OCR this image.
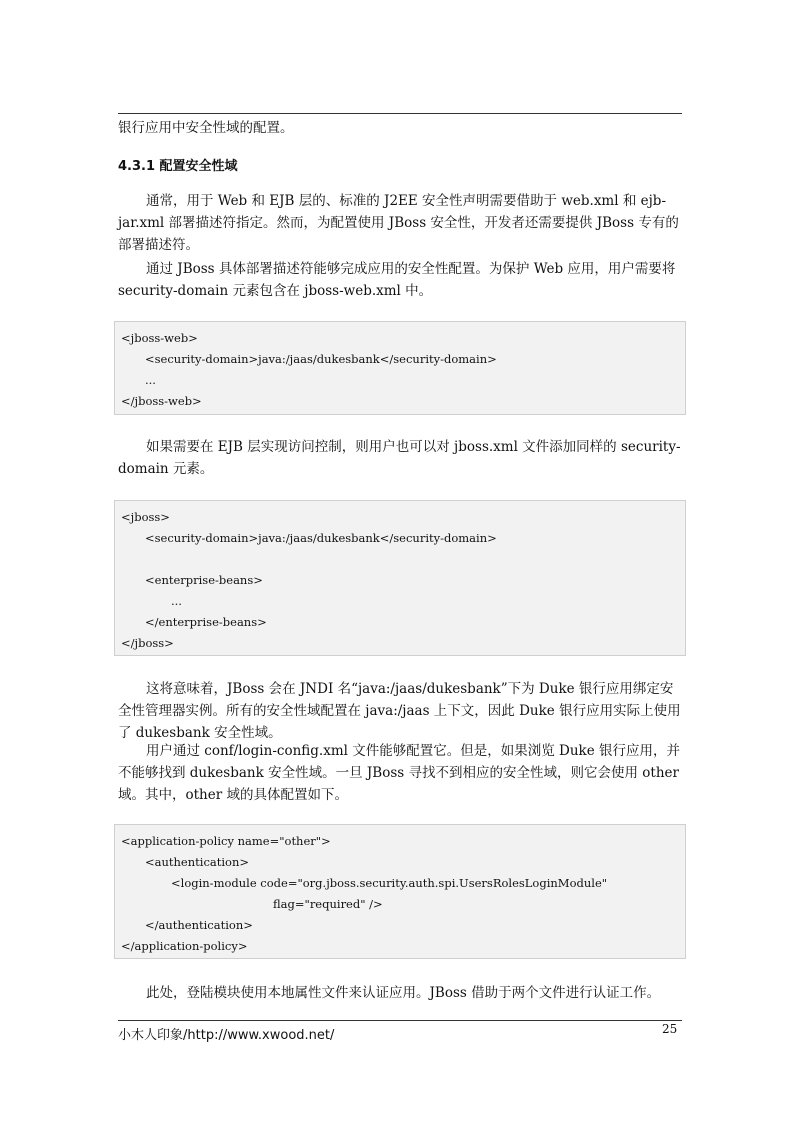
银行应用中安全性域的配置。

4.3.1 配置安全性域

通常，用于 Web 和 EJB 层的、标准的 J2EE 安全性声明需要借助于 web.xml 和 ejb-jar.xml 部署描述符指定。然而，为配置使用 JBoss 安全性，开发者还需要提供 JBoss 专有的部署描述符。

通过 JBoss 具体部署描述符能够完成应用的安全性配置。为保护 Web 应用，用户需要将 security-domain 元素包含在 jboss-web.xml 中。

<jboss-web>
<security-domain>java:/jaas/dukesbank</security-domain>
...
</jboss-web>

如果需要在 EJB 层实现访问控制，则用户也可以对 jboss.xml 文件添加同样的 security-domain 元素。

<jboss>
<security-domain>java:/jaas/dukesbank</security-domain>
<enterprise-beans>
...
</enterprise-beans>
</jboss>

这将意味着，JBoss 会在 JNDI 名“java:/jaas/dukesbank”下为 Duke 银行应用绑定安全性管理器实例。所有的安全性域配置在 java:/jaas 上下文，因此 Duke 银行应用实际上使用了 dukesbank 安全性域。

用户通过 conf/login-config.xml 文件能够配置它。但是，如果浏览 Duke 银行应用，并不能够找到 dukesbank 安全性域。一旦 JBoss 寻找不到相应的安全性域，则它会使用 other 域。其中，other 域的具体配置如下。

<application-policy name="other">
<authentication>
<login-module code="org.jboss.security.auth.spi.UsersRolesLoginModule"
flag="required" />
</authentication>
</application-policy>

此处，登陆模块使用本地属性文件来认证应用。JBoss 借助于两个文件进行认证工作。

小木人印象/http://www.xwood.net/	25
